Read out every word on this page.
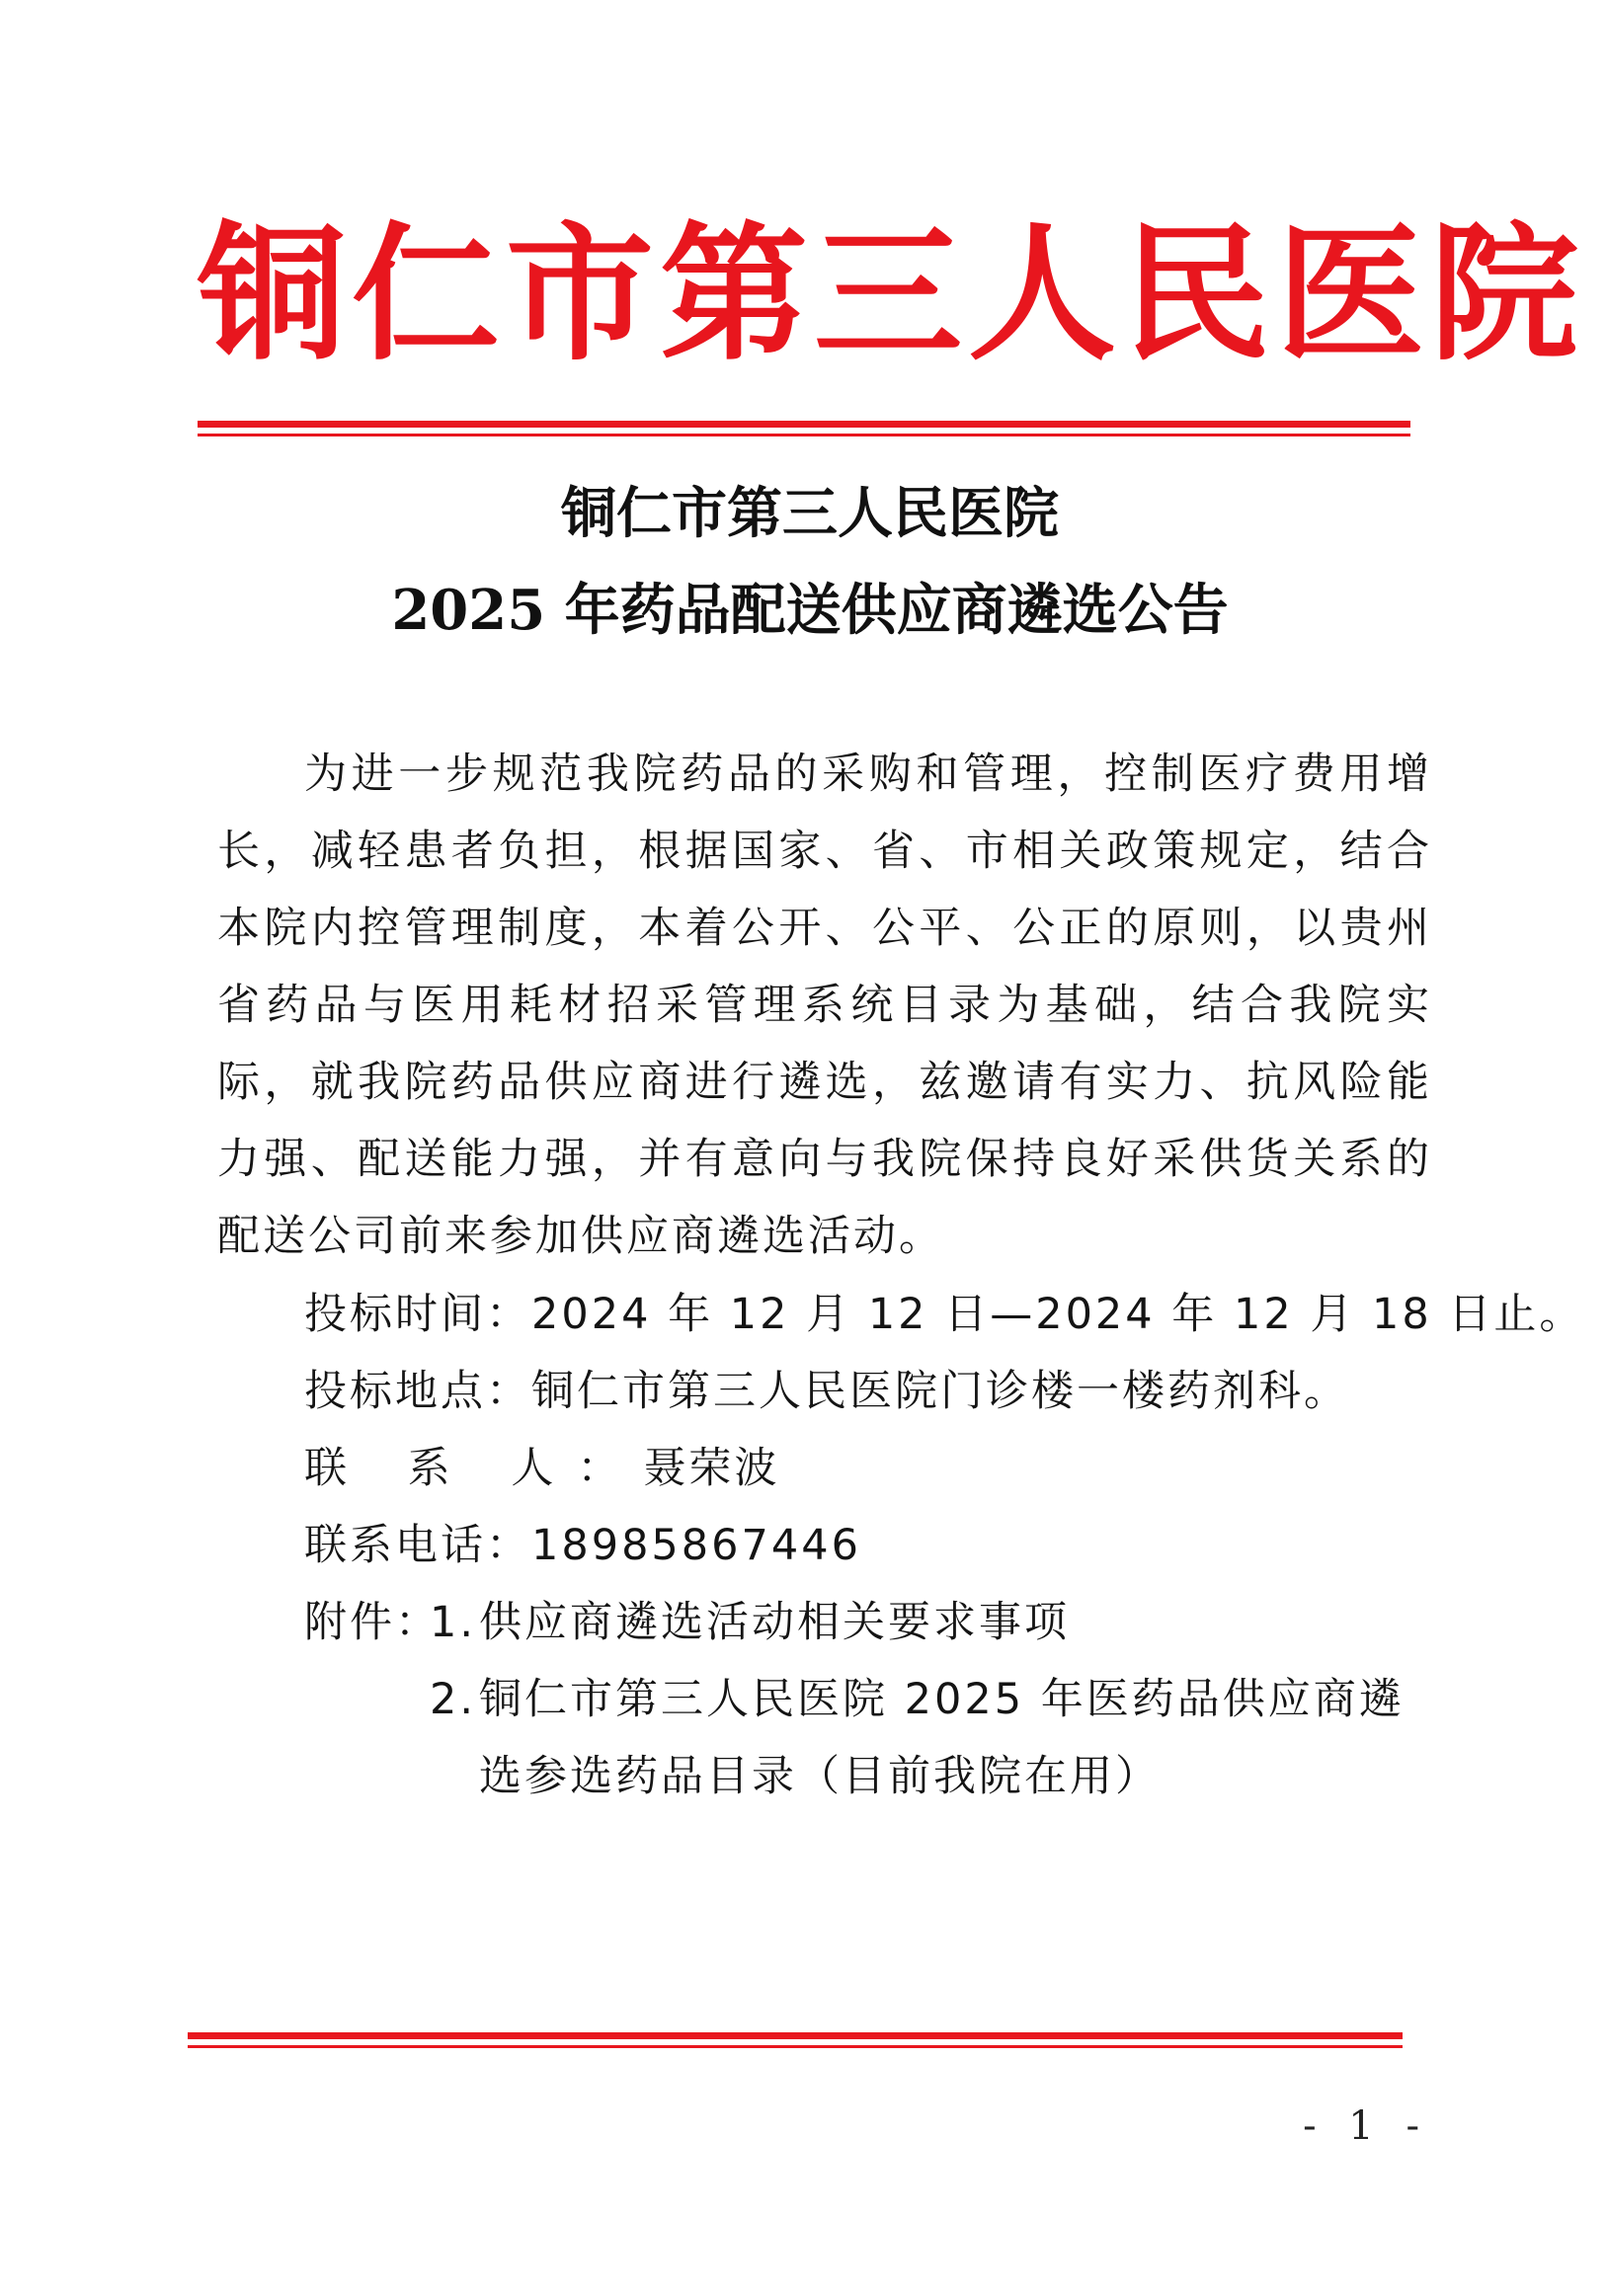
铜仁市第三人民医院
铜仁市第三人民医院
2025 年药品配送供应商遴选公告
为进一步规范我院药品的采购和管理，控制医疗费用增长，减轻患者负担，根据国家、省、市相关政策规定，结合本院内控管理制度，本着公开、公平、公正的原则，以贵州省药品与医用耗材招采管理系统目录为基础，结合我院实际，就我院药品供应商进行遴选，兹邀请有实力、抗风险能力强、配送能力强，并有意向与我院保持良好采供货关系的配送公司前来参加供应商遴选活动。
投标时间：2024 年 12 月 12 日—2024 年 12 月 18 日止。
投标地点：铜仁市第三人民医院门诊楼一楼药剂科。
联 系 人：聂荣波
联系电话：18985867446
附件：
1. 供应商遴选活动相关要求事项
2. 铜仁市第三人民医院 2025 年医药品供应商遴选参选药品目录（目前我院在用）
- 1 -
